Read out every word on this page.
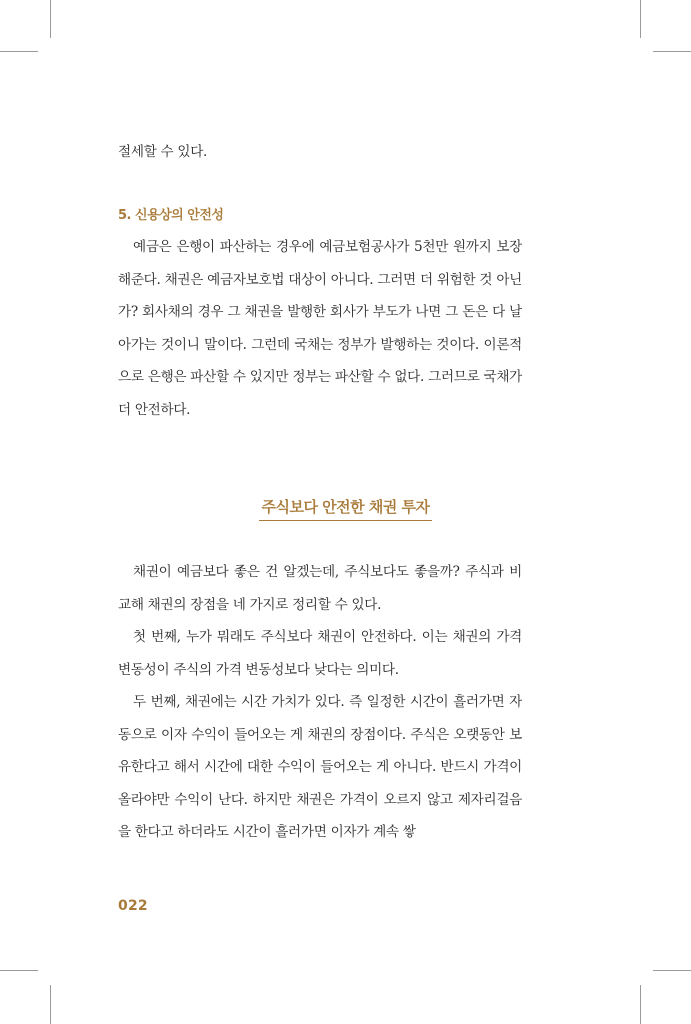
절세할 수 있다.

5. 신용상의 안전성

예금은 은행이 파산하는 경우에 예금보험공사가 5천만 원까지 보장해준다. 채권은 예금자보호법 대상이 아니다. 그러면 더 위험한 것 아닌가? 회사채의 경우 그 채권을 발행한 회사가 부도가 나면 그 돈은 다 날아가는 것이니 말이다. 그런데 국채는 정부가 발행하는 것이다. 이론적으로 은행은 파산할 수 있지만 정부는 파산할 수 없다. 그러므로 국채가 더 안전하다.

주식보다 안전한 채권 투자

채권이 예금보다 좋은 건 알겠는데, 주식보다도 좋을까? 주식과 비교해 채권의 장점을 네 가지로 정리할 수 있다.

첫 번째, 누가 뭐래도 주식보다 채권이 안전하다. 이는 채권의 가격 변동성이 주식의 가격 변동성보다 낮다는 의미다.

두 번째, 채권에는 시간 가치가 있다. 즉 일정한 시간이 흘러가면 자동으로 이자 수익이 들어오는 게 채권의 장점이다. 주식은 오랫동안 보유한다고 해서 시간에 대한 수익이 들어오는 게 아니다. 반드시 가격이 올라야만 수익이 난다. 하지만 채권은 가격이 오르지 않고 제자리걸음을 한다고 하더라도 시간이 흘러가면 이자가 계속 쌓

022
